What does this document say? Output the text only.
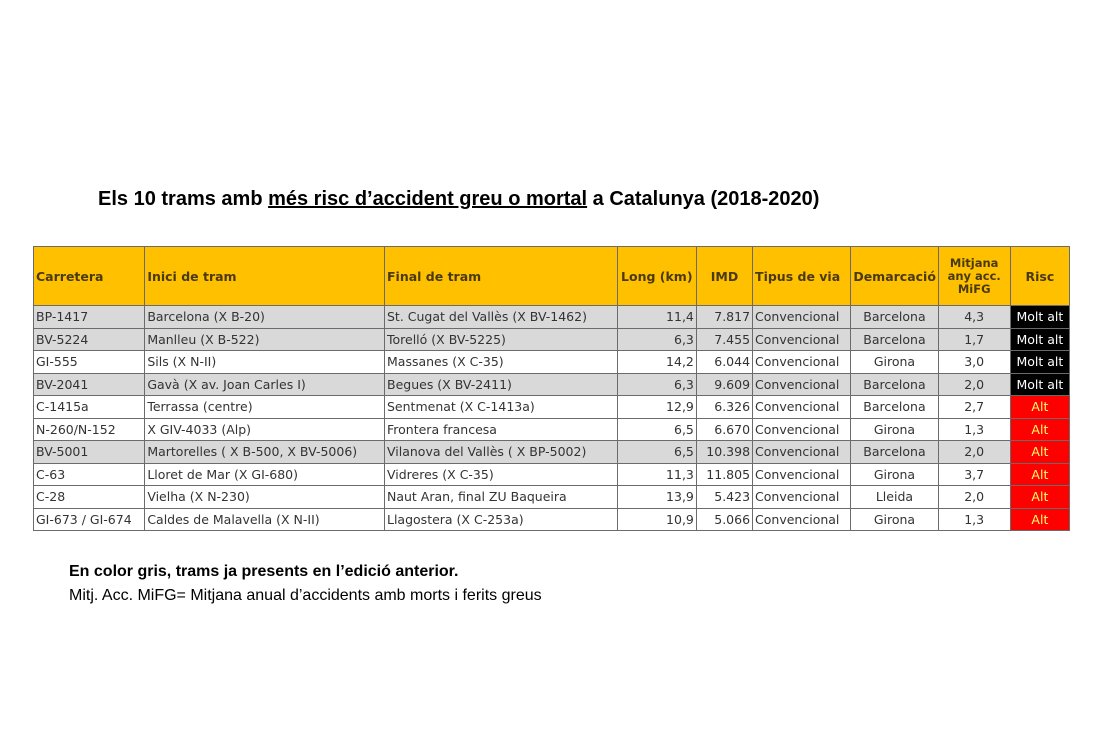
Els 10 trams amb més risc d’accident greu o mortal a Catalunya (2018-2020)
Carretera	Inici de tram	Final de tram	Long (km)	IMD	Tipus de via	Demarcació	Mitjana any acc. MiFG	Risc
BP-1417	Barcelona (X B-20)	St. Cugat del Vallès (X BV-1462)	11,4	7.817	Convencional	Barcelona	4,3	Molt alt
BV-5224	Manlleu (X B-522)	Torelló (X BV-5225)	6,3	7.455	Convencional	Barcelona	1,7	Molt alt
GI-555	Sils (X N-II)	Massanes (X C-35)	14,2	6.044	Convencional	Girona	3,0	Molt alt
BV-2041	Gavà (X av. Joan Carles I)	Begues (X BV-2411)	6,3	9.609	Convencional	Barcelona	2,0	Molt alt
C-1415a	Terrassa (centre)	Sentmenat (X C-1413a)	12,9	6.326	Convencional	Barcelona	2,7	Alt
N-260/N-152	X GIV-4033 (Alp)	Frontera francesa	6,5	6.670	Convencional	Girona	1,3	Alt
BV-5001	Martorelles ( X B-500, X BV-5006)	Vilanova del Vallès ( X BP-5002)	6,5	10.398	Convencional	Barcelona	2,0	Alt
C-63	Lloret de Mar (X GI-680)	Vidreres (X C-35)	11,3	11.805	Convencional	Girona	3,7	Alt
C-28	Vielha (X N-230)	Naut Aran, final ZU Baqueira	13,9	5.423	Convencional	Lleida	2,0	Alt
GI-673 / GI-674	Caldes de Malavella (X N-II)	Llagostera (X C-253a)	10,9	5.066	Convencional	Girona	1,3	Alt
En color gris, trams ja presents en l’edició anterior.
Mitj. Acc. MiFG= Mitjana anual d’accidents amb morts i ferits greus
